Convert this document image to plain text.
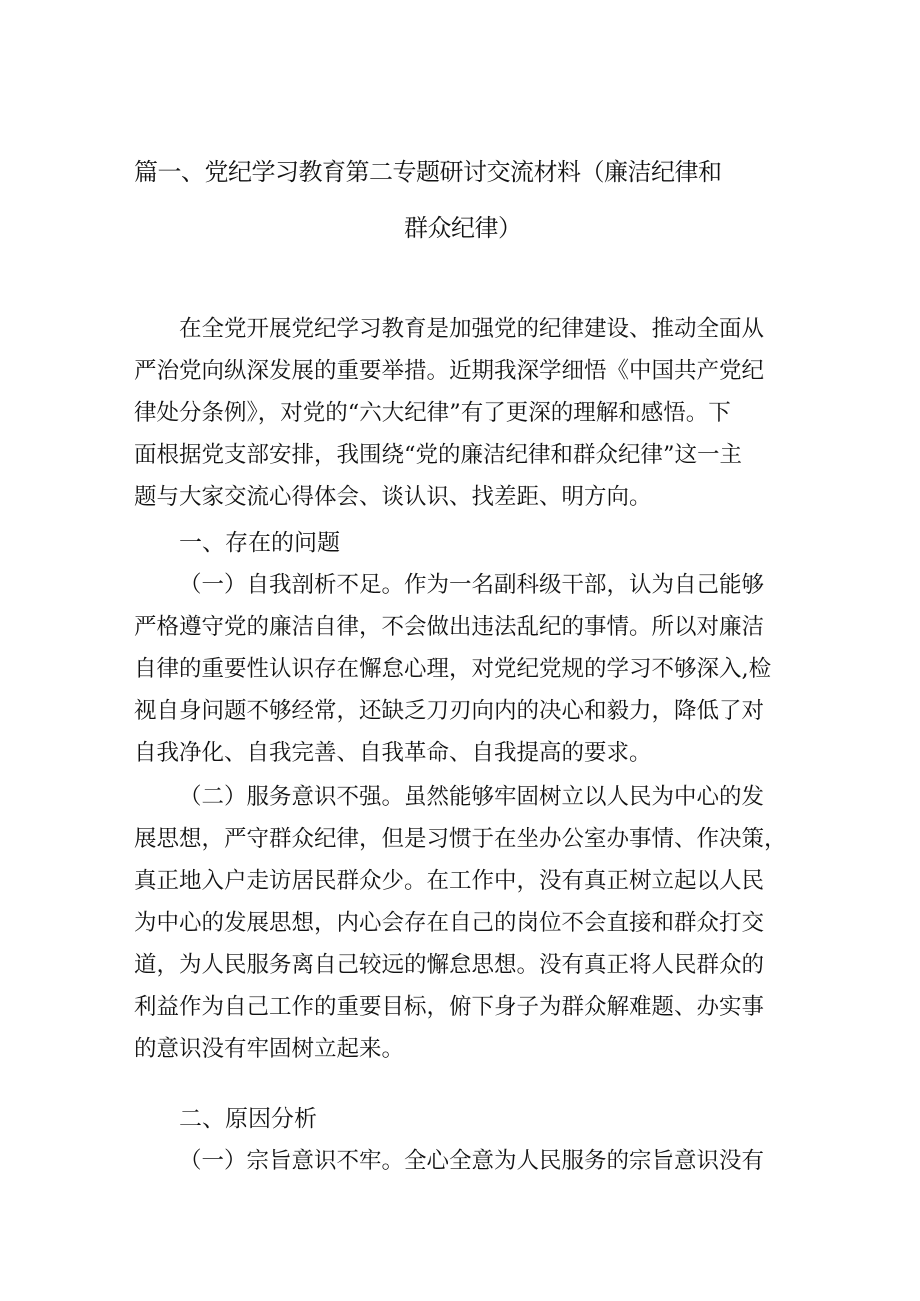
篇一、党纪学习教育第二专题研讨交流材料（廉洁纪律和
群众纪律）
在全党开展党纪学习教育是加强党的纪律建设、推动全面从
严治党向纵深发展的重要举措。近期我深学细悟《中国共产党纪
律处分条例》，对党的“六大纪律”有了更深的理解和感悟。下
面根据党支部安排，我围绕“党的廉洁纪律和群众纪律”这一主
题与大家交流心得体会、谈认识、找差距、明方向。
一、存在的问题
（一）自我剖析不足。作为一名副科级干部，认为自己能够
严格遵守党的廉洁自律，不会做出违法乱纪的事情。所以对廉洁
自律的重要性认识存在懈怠心理，对党纪党规的学习不够深入,检
视自身问题不够经常，还缺乏刀刃向内的决心和毅力，降低了对
自我净化、自我完善、自我革命、自我提高的要求。
（二）服务意识不强。虽然能够牢固树立以人民为中心的发
展思想，严守群众纪律，但是习惯于在坐办公室办事情、作决策，
真正地入户走访居民群众少。在工作中，没有真正树立起以人民
为中心的发展思想，内心会存在自己的岗位不会直接和群众打交
道，为人民服务离自己较远的懈怠思想。没有真正将人民群众的
利益作为自己工作的重要目标，俯下身子为群众解难题、办实事
的意识没有牢固树立起来。
二、原因分析
（一）宗旨意识不牢。全心全意为人民服务的宗旨意识没有
